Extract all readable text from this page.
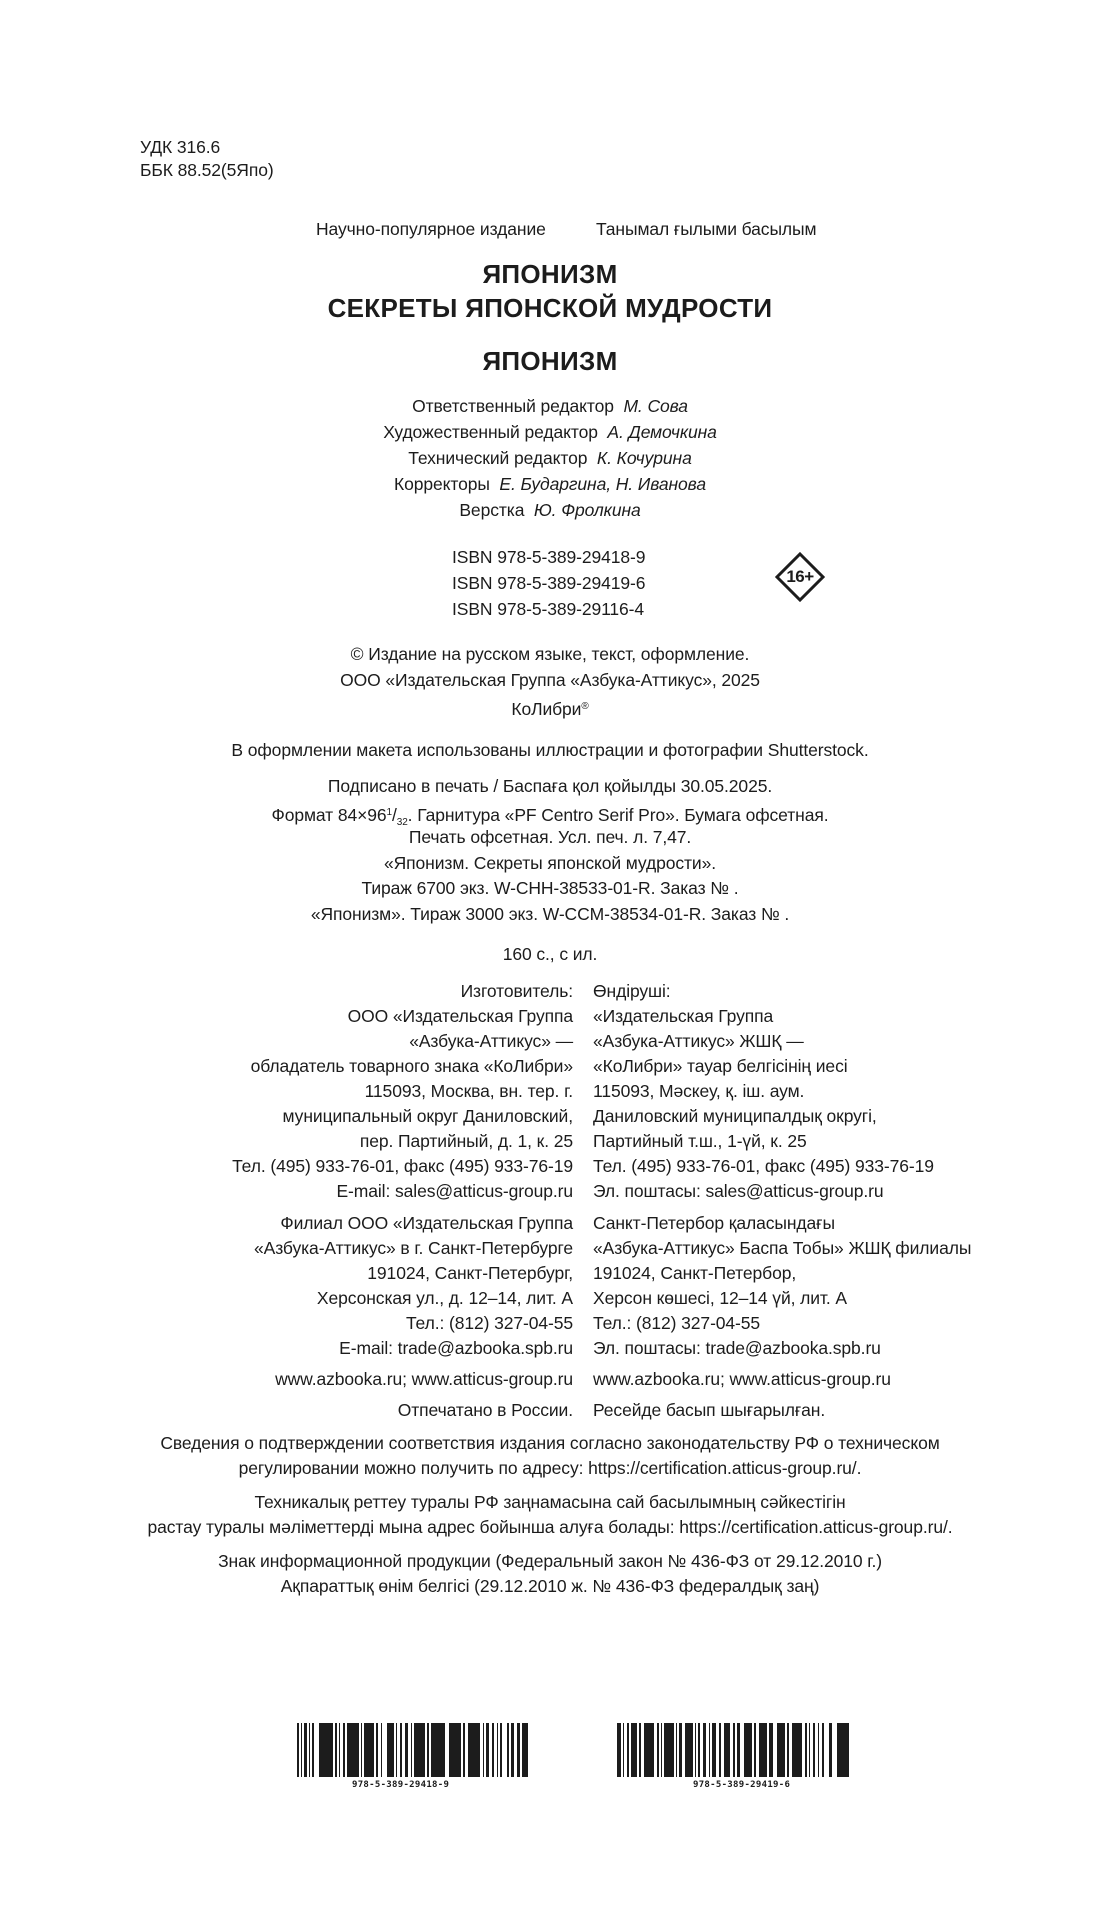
УДК 316.6
ББК 88.52(5Япо)
Научно-популярное издание	Танымал ғылыми басылым
ЯПОНИЗМ
СЕКРЕТЫ ЯПОНСКОЙ МУДРОСТИ
ЯПОНИЗМ
Ответственный редактор М. Сова
Художественный редактор А. Демочкина
Технический редактор К. Кочурина
Корректоры Е. Бударгина, Н. Иванова
Верстка Ю. Фролкина
ISBN 978-5-389-29418-9
ISBN 978-5-389-29419-6
ISBN 978-5-389-29116-4
16+
© Издание на русском языке, текст, оформление.
ООО «Издательская Группа «Азбука-Аттикус», 2025
КоЛибри®
В оформлении макета использованы иллюстрации и фотографии Shutterstock.
Подписано в печать / Баспаға қол қойылды 30.05.2025.
Формат $84\times 96^1/_{32}$. Гарнитура «PF Centro Serif Pro». Бумага офсетная.
Печать офсетная. Усл. печ. л. 7,47.
«Японизм. Секреты японской мудрости».
Тираж 6700 экз. W-CHH-38533-01-R. Заказ № .
«Японизм». Тираж 3000 экз. W-CCM-38534-01-R. Заказ № .
160 с., с ил.
Изготовитель: Өндіруші:
ООО «Издательская Группа
«Азбука-Аттикус» —
обладатель товарного знака «КоЛибри»
115093, Москва, вн. тер. г.
муниципальный округ Даниловский,
пер. Партийный, д. 1, к. 25
Тел. (495) 933-76-01, факс (495) 933-76-19
E-mail: sales@atticus-group.ru
«Издательская Группа
«Азбука-Аттикус» ЖШҚ —
«КоЛибри» тауар белгісінің иесі
115093, Мәскеу, қ. іш. аум.
Даниловский муниципалдық округі,
Партийный т.ш., 1-үй, к. 25
Тел. (495) 933-76-01, факс (495) 933-76-19
Эл. поштасы: sales@atticus-group.ru
Филиал ООО «Издательская Группа
«Азбука-Аттикус» в г. Санкт-Петербурге
191024, Санкт-Петербург,
Херсонская ул., д. 12–14, лит. А
Тел.: (812) 327-04-55
E-mail: trade@azbooka.spb.ru
Санкт-Петербор қаласындағы
«Азбука-Аттикус» Баспа Тобы» ЖШҚ филиалы
191024, Санкт-Петербор,
Херсон көшесі, 12–14 үй, лит. А
Тел.: (812) 327-04-55
Эл. поштасы: trade@azbooka.spb.ru
www.azbooka.ru; www.atticus-group.ru www.azbooka.ru; www.atticus-group.ru
Отпечатано в России. Ресейде басып шығарылған.
Сведения о подтверждении соответствия издания согласно законодательству РФ о техническом
регулировании можно получить по адресу: https://certification.atticus-group.ru/.
Техникалық реттеу туралы РФ заңнамасына сай басылымның сәйкестігін
растау туралы мәліметтерді мына адрес бойынша алуға болады: https://certification.atticus-group.ru/.
Знак информационной продукции (Федеральный закон № 436-ФЗ от 29.12.2010 г.)
Ақпараттық өнім белгісі (29.12.2010 ж. № 436-ФЗ федералдық заң)
978-5-389-29418-9	978-5-389-29419-6
